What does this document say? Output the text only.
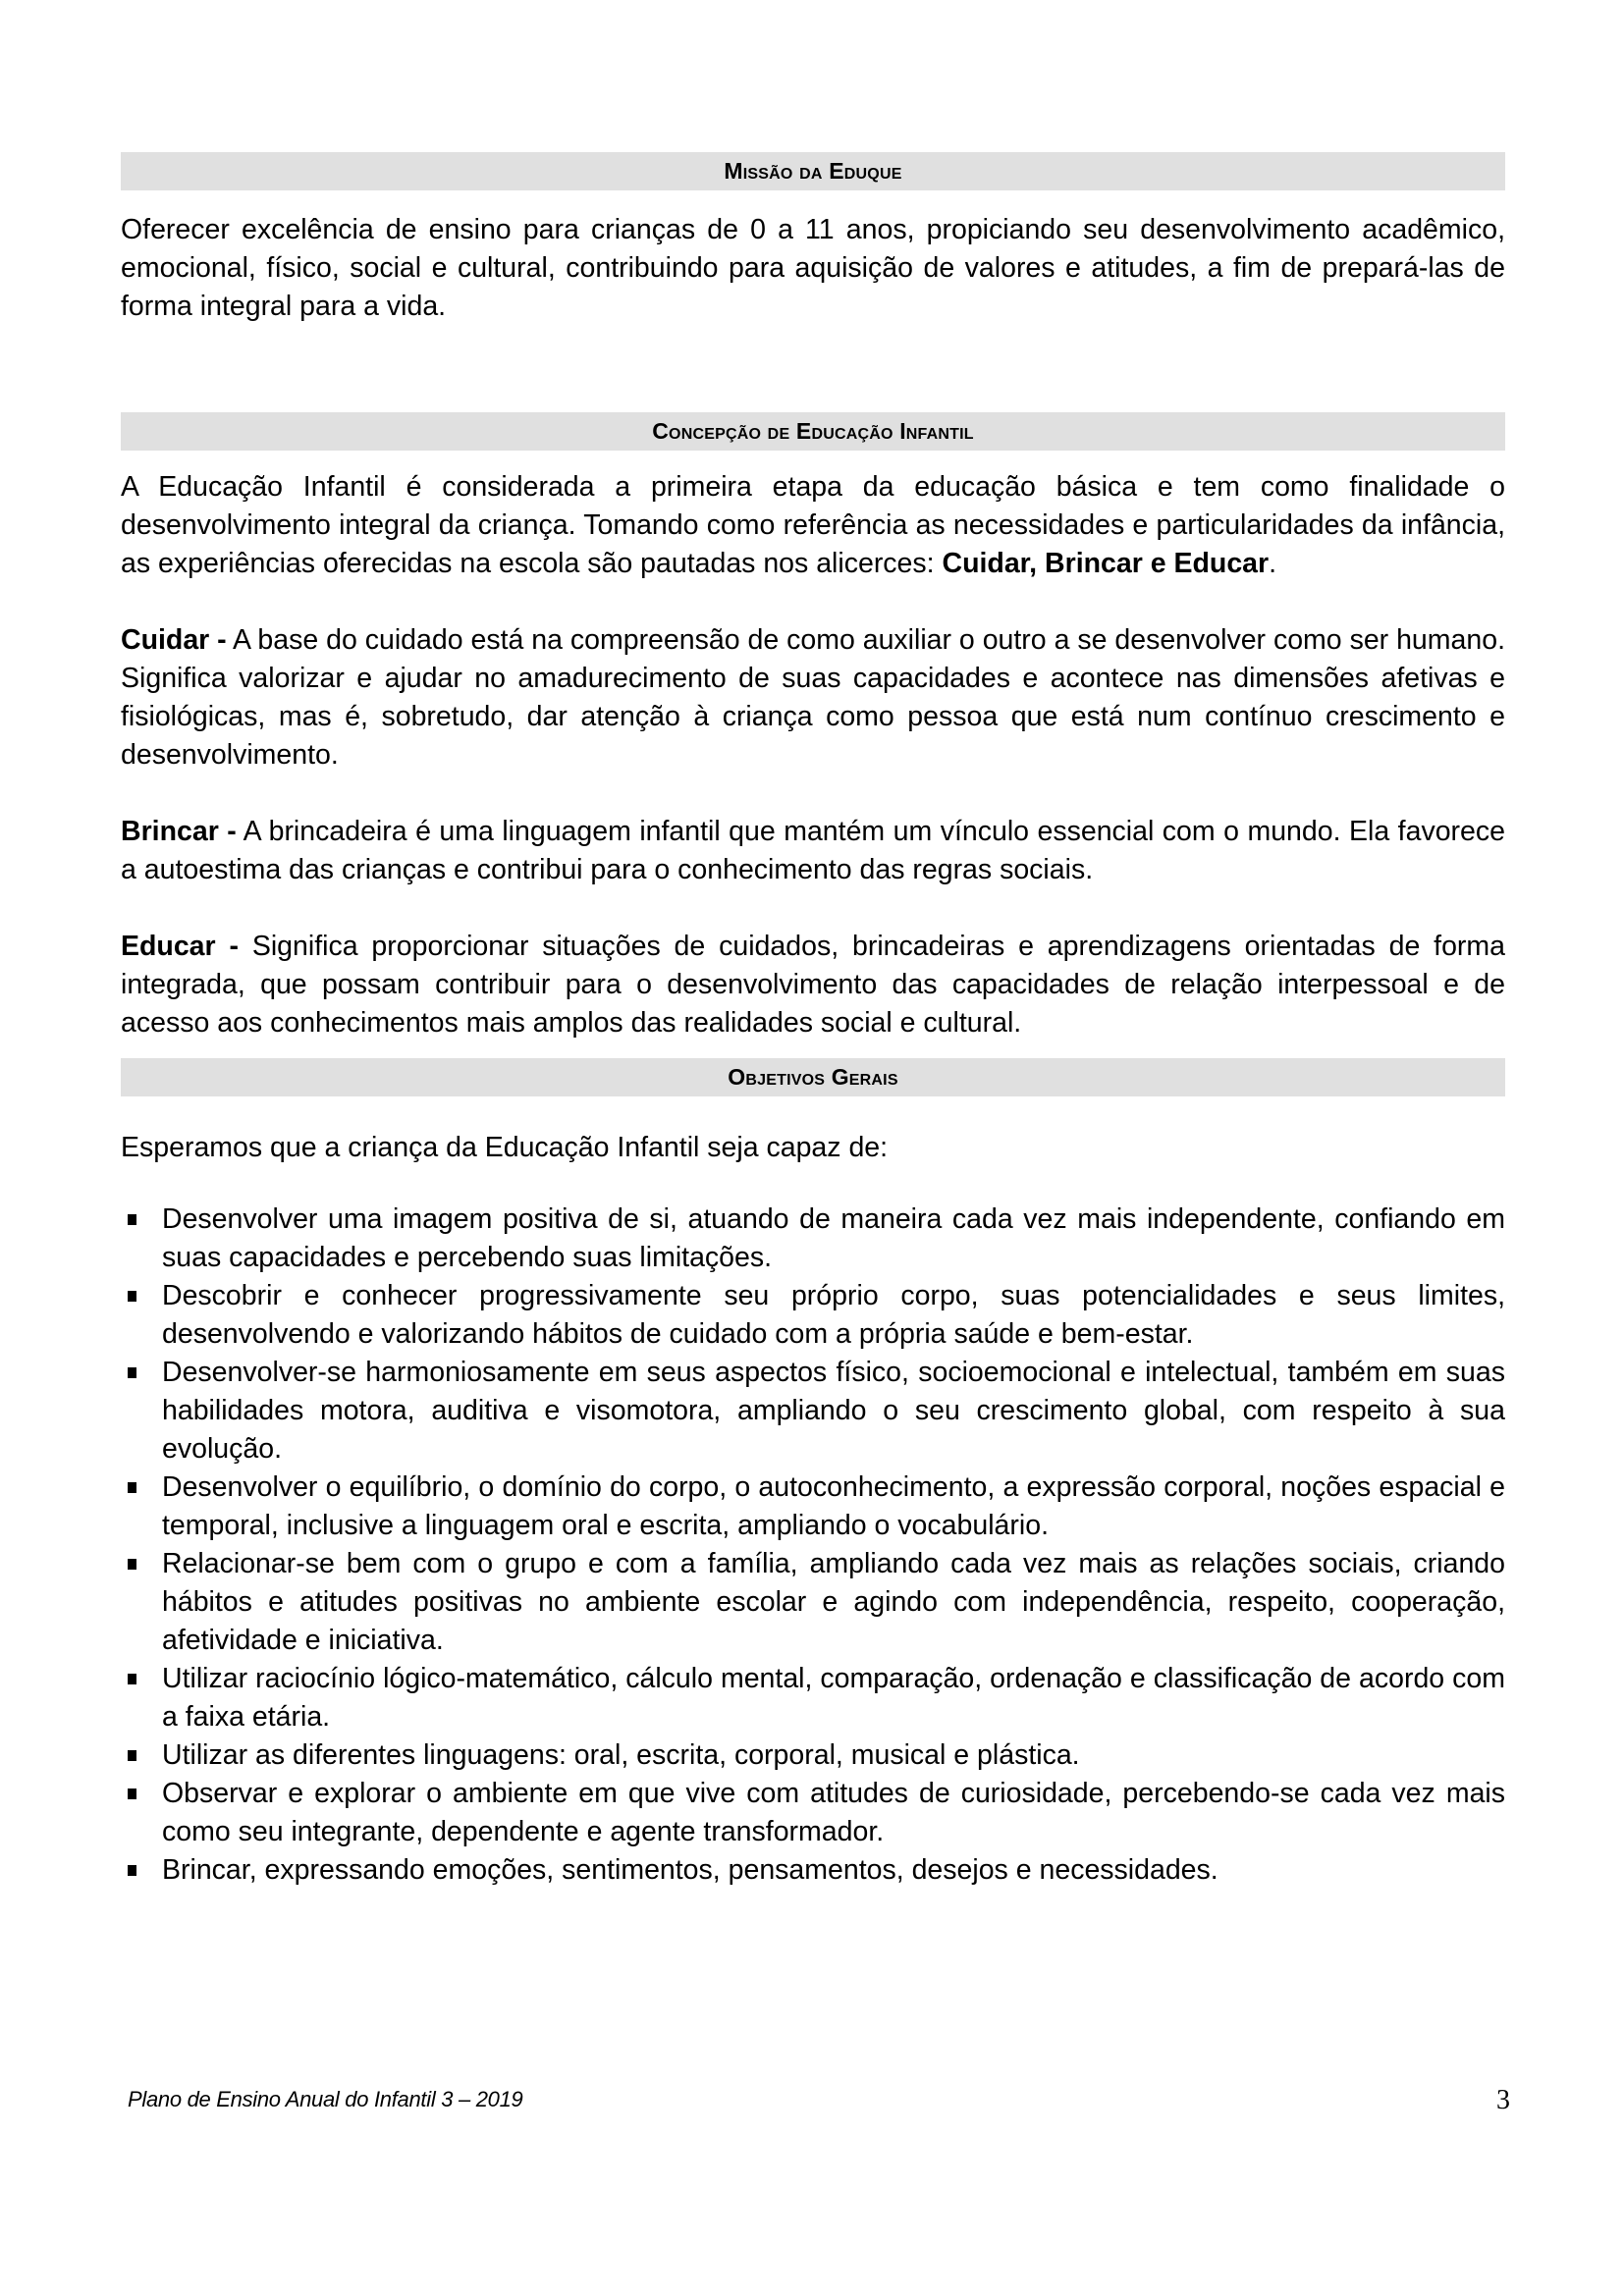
Missão da Eduque

Oferecer excelência de ensino para crianças de 0 a 11 anos, propiciando seu desenvolvimento acadêmico, emocional, físico, social e cultural, contribuindo para aquisição de valores e atitudes, a fim de prepará-las de forma integral para a vida.

Concepção de Educação Infantil

A Educação Infantil é considerada a primeira etapa da educação básica e tem como finalidade o desenvolvimento integral da criança. Tomando como referência as necessidades e particularidades da infância, as experiências oferecidas na escola são pautadas nos alicerces: Cuidar, Brincar e Educar.

Cuidar - A base do cuidado está na compreensão de como auxiliar o outro a se desenvolver como ser humano. Significa valorizar e ajudar no amadurecimento de suas capacidades e acontece nas dimensões afetivas e fisiológicas, mas é, sobretudo, dar atenção à criança como pessoa que está num contínuo crescimento e desenvolvimento.

Brincar - A brincadeira é uma linguagem infantil que mantém um vínculo essencial com o mundo. Ela favorece a autoestima das crianças e contribui para o conhecimento das regras sociais.

Educar - Significa proporcionar situações de cuidados, brincadeiras e aprendizagens orientadas de forma integrada, que possam contribuir para o desenvolvimento das capacidades de relação interpessoal e de acesso aos conhecimentos mais amplos das realidades social e cultural.

Objetivos Gerais

Esperamos que a criança da Educação Infantil seja capaz de:

Desenvolver uma imagem positiva de si, atuando de maneira cada vez mais independente, confiando em suas capacidades e percebendo suas limitações.
Descobrir e conhecer progressivamente seu próprio corpo, suas potencialidades e seus limites, desenvolvendo e valorizando hábitos de cuidado com a própria saúde e bem-estar.
Desenvolver-se harmoniosamente em seus aspectos físico, socioemocional e intelectual, também em suas habilidades motora, auditiva e visomotora, ampliando o seu crescimento global, com respeito à sua evolução.
Desenvolver o equilíbrio, o domínio do corpo, o autoconhecimento, a expressão corporal, noções espacial e temporal, inclusive a linguagem oral e escrita, ampliando o vocabulário.
Relacionar-se bem com o grupo e com a família, ampliando cada vez mais as relações sociais, criando hábitos e atitudes positivas no ambiente escolar e agindo com independência, respeito, cooperação, afetividade e iniciativa.
Utilizar raciocínio lógico-matemático, cálculo mental, comparação, ordenação e classificação de acordo com a faixa etária.
Utilizar as diferentes linguagens: oral, escrita, corporal, musical e plástica.
Observar e explorar o ambiente em que vive com atitudes de curiosidade, percebendo-se cada vez mais como seu integrante, dependente e agente transformador.
Brincar, expressando emoções, sentimentos, pensamentos, desejos e necessidades.
Plano de Ensino Anual do Infantil 3 – 2019	3
